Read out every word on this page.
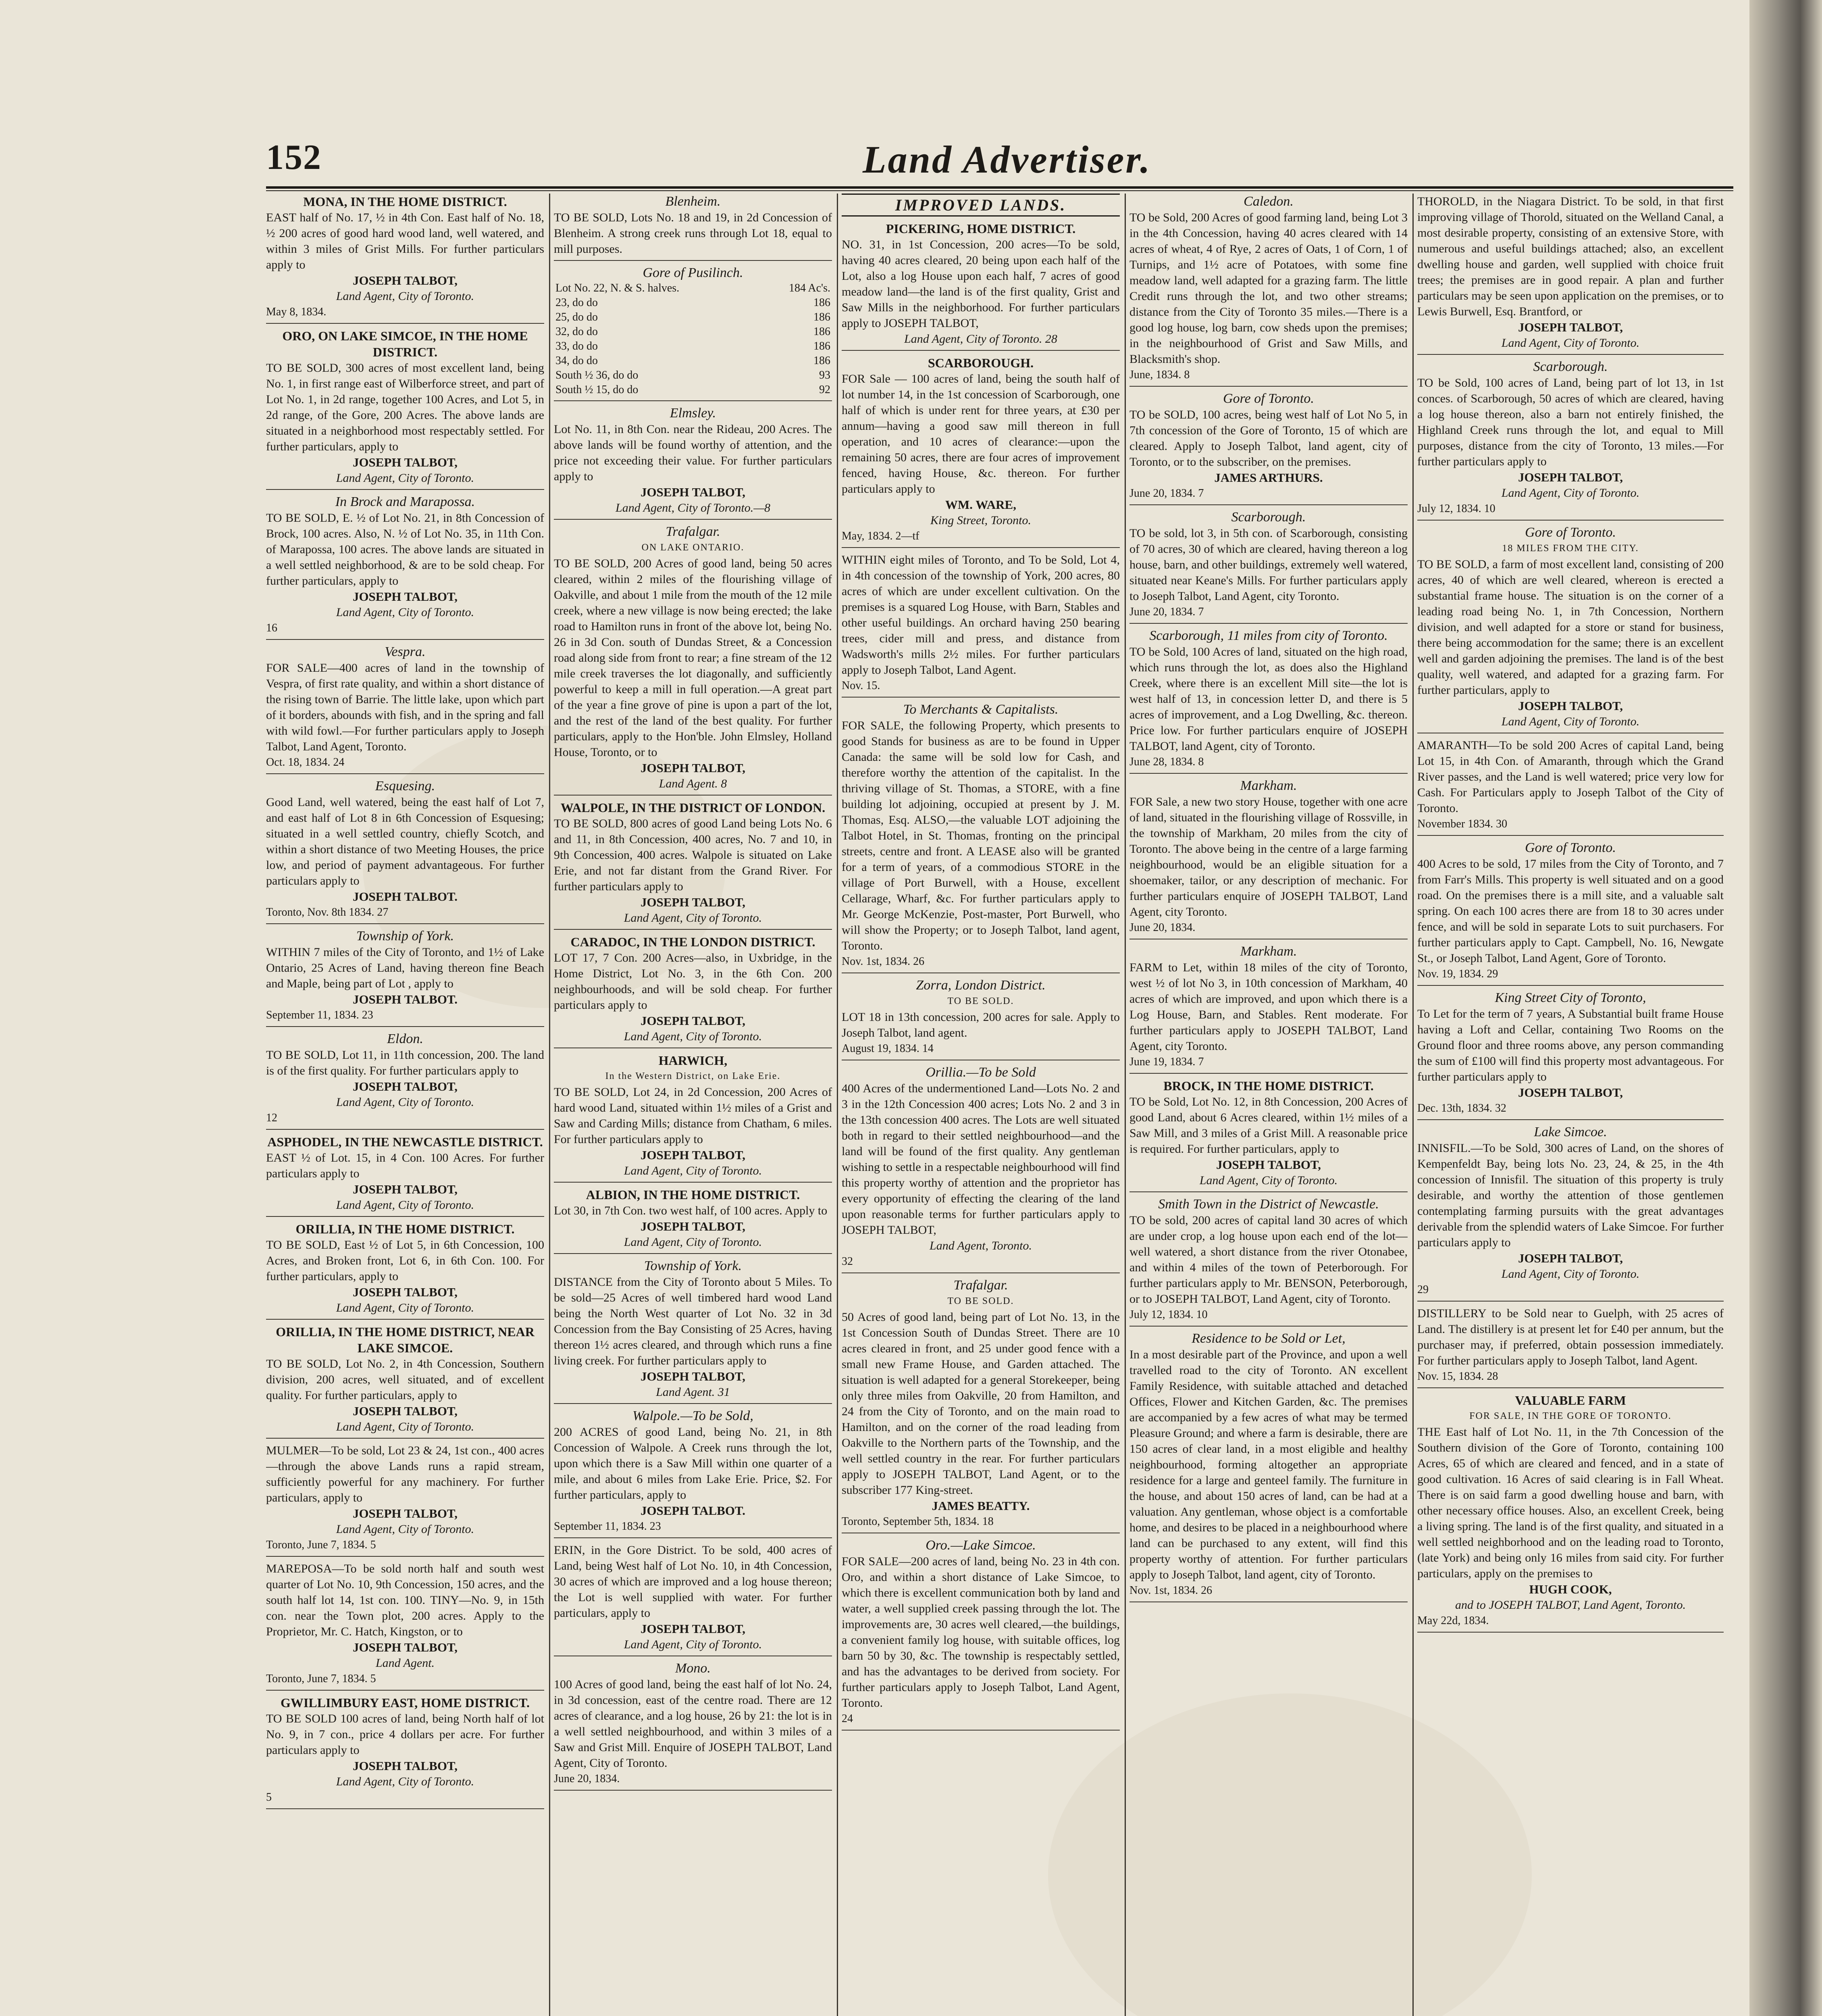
152	Land Advertiser.
MONA, IN THE HOME DISTRICT.
EAST half of No. 17, ½ in 4th Con. East half of No. 18, ½ 200 acres of good hard wood land, well watered, and within 3 miles of Grist Mills. For further particulars apply to
JOSEPH TALBOT,
Land Agent, City of Toronto.
May 8, 1834.
ORO, ON LAKE SIMCOE, IN THE HOME DISTRICT.
TO BE SOLD, 300 acres of most excellent land, being No. 1, in first range east of Wilberforce street, and part of Lot No. 1, in 2d range, together 100 Acres, and Lot 5, in 2d range, of the Gore, 200 Acres. The above lands are situated in a neighborhood most respectably settled. For further particulars, apply to
JOSEPH TALBOT,
Land Agent, City of Toronto.
In Brock and Marapossa.
TO BE SOLD, E. ½ of Lot No. 21, in 8th Concession of Brock, 100 acres. Also, N. ½ of Lot No. 35, in 11th Con. of Marapossa, 100 acres. The above lands are situated in a well settled neighborhood, & are to be sold cheap. For further particulars, apply to
JOSEPH TALBOT,
Land Agent, City of Toronto.
16
Vespra.
FOR SALE—400 acres of land in the township of Vespra, of first rate quality, and within a short distance of the rising town of Barrie. The little lake, upon which part of it borders, abounds with fish, and in the spring and fall with wild fowl.—For further particulars apply to Joseph Talbot, Land Agent, Toronto.
Oct. 18, 1834. 24
Esquesing.
Good Land, well watered, being the east half of Lot 7, and east half of Lot 8 in 6th Concession of Esquesing; situated in a well settled country, chiefly Scotch, and within a short distance of two Meeting Houses, the price low, and period of payment advantageous. For further particulars apply to
JOSEPH TALBOT.
Toronto, Nov. 8th 1834. 27
Township of York.
WITHIN 7 miles of the City of Toronto, and 1½ of Lake Ontario, 25 Acres of Land, having thereon fine Beach and Maple, being part of Lot , apply to
JOSEPH TALBOT.
September 11, 1834. 23
Eldon.
TO BE SOLD, Lot 11, in 11th concession, 200. The land is of the first quality. For further particulars apply to
JOSEPH TALBOT,
Land Agent, City of Toronto.
12
ASPHODEL, IN THE NEWCASTLE DISTRICT.
EAST ½ of Lot. 15, in 4 Con. 100 Acres. For further particulars apply to
JOSEPH TALBOT,
Land Agent, City of Toronto.
ORILLIA, IN THE HOME DISTRICT.
TO BE SOLD, East ½ of Lot 5, in 6th Concession, 100 Acres, and Broken front, Lot 6, in 6th Con. 100. For further particulars, apply to
JOSEPH TALBOT,
Land Agent, City of Toronto.
ORILLIA, IN THE HOME DISTRICT, NEAR LAKE SIMCOE.
TO BE SOLD, Lot No. 2, in 4th Concession, Southern division, 200 acres, well situated, and of excellent quality. For further particulars, apply to
JOSEPH TALBOT,
Land Agent, City of Toronto.
MULMER—To be sold, Lot 23 & 24, 1st con., 400 acres—through the above Lands runs a rapid stream, sufficiently powerful for any machinery. For further particulars, apply to
JOSEPH TALBOT,
Land Agent, City of Toronto.
Toronto, June 7, 1834. 5
MAREPOSA—To be sold north half and south west quarter of Lot No. 10, 9th Concession, 150 acres, and the south half lot 14, 1st con. 100. TINY—No. 9, in 15th con. near the Town plot, 200 acres. Apply to the Proprietor, Mr. C. Hatch, Kingston, or to
JOSEPH TALBOT,
Land Agent.
Toronto, June 7, 1834. 5
GWILLIMBURY EAST, HOME DISTRICT.
TO BE SOLD 100 acres of land, being North half of lot No. 9, in 7 con., price 4 dollars per acre. For further particulars apply to
JOSEPH TALBOT,
Land Agent, City of Toronto.
5
Blenheim.
TO BE SOLD, Lots No. 18 and 19, in 2d Concession of Blenheim. A strong creek runs through Lot 18, equal to mill purposes.
Gore of Pusilinch.
Lot No. 22, N. & S. halves.	184 Ac's.
23, do do	186
25, do do	186
32, do do	186
33, do do	186
34, do do	186
South ½ 36, do do	93
South ½ 15, do do	92
Elmsley.
Lot No. 11, in 8th Con. near the Rideau, 200 Acres. The above lands will be found worthy of attention, and the price not exceeding their value. For further particulars apply to
JOSEPH TALBOT,
Land Agent, City of Toronto.—8
Trafalgar.
ON LAKE ONTARIO.
TO BE SOLD, 200 Acres of good land, being 50 acres cleared, within 2 miles of the flourishing village of Oakville, and about 1 mile from the mouth of the 12 mile creek, where a new village is now being erected; the lake road to Hamilton runs in front of the above lot, being No. 26 in 3d Con. south of Dundas Street, & a Concession road along side from front to rear; a fine stream of the 12 mile creek traverses the lot diagonally, and sufficiently powerful to keep a mill in full operation.—A great part of the year a fine grove of pine is upon a part of the lot, and the rest of the land of the best quality. For further particulars, apply to the Hon'ble. John Elmsley, Holland House, Toronto, or to
JOSEPH TALBOT,
Land Agent. 8
WALPOLE, IN THE DISTRICT OF LONDON.
TO BE SOLD, 800 acres of good Land being Lots No. 6 and 11, in 8th Concession, 400 acres, No. 7 and 10, in 9th Concession, 400 acres. Walpole is situated on Lake Erie, and not far distant from the Grand River. For further particulars apply to
JOSEPH TALBOT,
Land Agent, City of Toronto.
CARADOC, IN THE LONDON DISTRICT.
LOT 17, 7 Con. 200 Acres—also, in Uxbridge, in the Home District, Lot No. 3, in the 6th Con. 200 neighbourhoods, and will be sold cheap. For further particulars apply to
JOSEPH TALBOT,
Land Agent, City of Toronto.
HARWICH,
In the Western District, on Lake Erie.
TO BE SOLD, Lot 24, in 2d Concession, 200 Acres of hard wood Land, situated within 1½ miles of a Grist and Saw and Carding Mills; distance from Chatham, 6 miles. For further particulars apply to
JOSEPH TALBOT,
Land Agent, City of Toronto.
ALBION, IN THE HOME DISTRICT.
Lot 30, in 7th Con. two west half, of 100 acres. Apply to
JOSEPH TALBOT,
Land Agent, City of Toronto.
Township of York.
DISTANCE from the City of Toronto about 5 Miles. To be sold—25 Acres of well timbered hard wood Land being the North West quarter of Lot No. 32 in 3d Concession from the Bay Consisting of 25 Acres, having thereon 1½ acres cleared, and through which runs a fine living creek. For further particulars apply to
JOSEPH TALBOT,
Land Agent. 31
Walpole.—To be Sold,
200 ACRES of good Land, being No. 21, in 8th Concession of Walpole. A Creek runs through the lot, upon which there is a Saw Mill within one quarter of a mile, and about 6 miles from Lake Erie. Price, $2. For further particulars, apply to
JOSEPH TALBOT.
September 11, 1834. 23
ERIN, in the Gore District. To be sold, 400 acres of Land, being West half of Lot No. 10, in 4th Concession, 30 acres of which are improved and a log house thereon; the Lot is well supplied with water. For further particulars, apply to
JOSEPH TALBOT,
Land Agent, City of Toronto.
Mono.
100 Acres of good land, being the east half of lot No. 24, in 3d concession, east of the centre road. There are 12 acres of clearance, and a log house, 26 by 21: the lot is in a well settled neighbourhood, and within 3 miles of a Saw and Grist Mill. Enquire of JOSEPH TALBOT, Land Agent, City of Toronto.
June 20, 1834.
IMPROVED LANDS.
PICKERING, HOME DISTRICT.
NO. 31, in 1st Concession, 200 acres—To be sold, having 40 acres cleared, 20 being upon each half of the Lot, also a log House upon each half, 7 acres of good meadow land—the land is of the first quality, Grist and Saw Mills in the neighborhood. For further particulars apply to JOSEPH TALBOT,
Land Agent, City of Toronto. 28
SCARBOROUGH.
FOR Sale — 100 acres of land, being the south half of lot number 14, in the 1st concession of Scarborough, one half of which is under rent for three years, at £30 per annum—having a good saw mill thereon in full operation, and 10 acres of clearance:—upon the remaining 50 acres, there are four acres of improvement fenced, having House, &c. thereon. For further particulars apply to
WM. WARE,
King Street, Toronto.
May, 1834. 2—tf
WITHIN eight miles of Toronto, and To be Sold, Lot 4, in 4th concession of the township of York, 200 acres, 80 acres of which are under excellent cultivation. On the premises is a squared Log House, with Barn, Stables and other useful buildings. An orchard having 250 bearing trees, cider mill and press, and distance from Wadsworth's mills 2½ miles. For further particulars apply to Joseph Talbot, Land Agent.
Nov. 15.
To Merchants & Capitalists.
FOR SALE, the following Property, which presents to good Stands for business as are to be found in Upper Canada: the same will be sold low for Cash, and therefore worthy the attention of the capitalist. In the thriving village of St. Thomas, a STORE, with a fine building lot adjoining, occupied at present by J. M. Thomas, Esq. ALSO,—the valuable LOT adjoining the Talbot Hotel, in St. Thomas, fronting on the principal streets, centre and front. A LEASE also will be granted for a term of years, of a commodious STORE in the village of Port Burwell, with a House, excellent Cellarage, Wharf, &c. For further particulars apply to Mr. George McKenzie, Post-master, Port Burwell, who will show the Property; or to Joseph Talbot, land agent, Toronto.
Nov. 1st, 1834. 26
Zorra, London District.
TO BE SOLD.
LOT 18 in 13th concession, 200 acres for sale. Apply to Joseph Talbot, land agent.
August 19, 1834. 14
Orillia.—To be Sold
400 Acres of the undermentioned Land—Lots No. 2 and 3 in the 12th Concession 400 acres; Lots No. 2 and 3 in the 13th concession 400 acres. The Lots are well situated both in regard to their settled neighbourhood—and the land will be found of the first quality. Any gentleman wishing to settle in a respectable neighbourhood will find this property worthy of attention and the proprietor has every opportunity of effecting the clearing of the land upon reasonable terms for further particulars apply to JOSEPH TALBOT,
Land Agent, Toronto.
32
Trafalgar.
TO BE SOLD.
50 Acres of good land, being part of Lot No. 13, in the 1st Concession South of Dundas Street. There are 10 acres cleared in front, and 25 under good fence with a small new Frame House, and Garden attached. The situation is well adapted for a general Storekeeper, being only three miles from Oakville, 20 from Hamilton, and 24 from the City of Toronto, and on the main road to Hamilton, and on the corner of the road leading from Oakville to the Northern parts of the Township, and the well settled country in the rear. For further particulars apply to JOSEPH TALBOT, Land Agent, or to the subscriber 177 King-street.
JAMES BEATTY.
Toronto, September 5th, 1834. 18
Oro.—Lake Simcoe.
FOR SALE—200 acres of land, being No. 23 in 4th con. Oro, and within a short distance of Lake Simcoe, to which there is excellent communication both by land and water, a well supplied creek passing through the lot. The improvements are, 30 acres well cleared,—the buildings, a convenient family log house, with suitable offices, log barn 50 by 30, &c. The township is respectably settled, and has the advantages to be derived from society. For further particulars apply to Joseph Talbot, Land Agent, Toronto.
24
Caledon.
TO be Sold, 200 Acres of good farming land, being Lot 3 in the 4th Concession, having 40 acres cleared with 14 acres of wheat, 4 of Rye, 2 acres of Oats, 1 of Corn, 1 of Turnips, and 1½ acre of Potatoes, with some fine meadow land, well adapted for a grazing farm. The little Credit runs through the lot, and two other streams; distance from the City of Toronto 35 miles.—There is a good log house, log barn, cow sheds upon the premises; in the neighbourhood of Grist and Saw Mills, and Blacksmith's shop.
June, 1834. 8
Gore of Toronto.
TO be SOLD, 100 acres, being west half of Lot No 5, in 7th concession of the Gore of Toronto, 15 of which are cleared. Apply to Joseph Talbot, land agent, city of Toronto, or to the subscriber, on the premises.
JAMES ARTHURS.
June 20, 1834. 7
Scarborough.
TO be sold, lot 3, in 5th con. of Scarborough, consisting of 70 acres, 30 of which are cleared, having thereon a log house, barn, and other buildings, extremely well watered, situated near Keane's Mills. For further particulars apply to Joseph Talbot, Land Agent, city Toronto.
June 20, 1834. 7
Scarborough, 11 miles from city of Toronto.
TO be Sold, 100 Acres of land, situated on the high road, which runs through the lot, as does also the Highland Creek, where there is an excellent Mill site—the lot is west half of 13, in concession letter D, and there is 5 acres of improvement, and a Log Dwelling, &c. thereon. Price low. For further particulars enquire of JOSEPH TALBOT, land Agent, city of Toronto.
June 28, 1834. 8
Markham.
FOR Sale, a new two story House, together with one acre of land, situated in the flourishing village of Rossville, in the township of Markham, 20 miles from the city of Toronto. The above being in the centre of a large farming neighbourhood, would be an eligible situation for a shoemaker, tailor, or any description of mechanic. For further particulars enquire of JOSEPH TALBOT, Land Agent, city Toronto.
June 20, 1834.
Markham.
FARM to Let, within 18 miles of the city of Toronto, west ½ of lot No 3, in 10th concession of Markham, 40 acres of which are improved, and upon which there is a Log House, Barn, and Stables. Rent moderate. For further particulars apply to JOSEPH TALBOT, Land Agent, city Toronto.
June 19, 1834. 7
BROCK, IN THE HOME DISTRICT.
TO be Sold, Lot No. 12, in 8th Concession, 200 Acres of good Land, about 6 Acres cleared, within 1½ miles of a Saw Mill, and 3 miles of a Grist Mill. A reasonable price is required. For further particulars, apply to
JOSEPH TALBOT,
Land Agent, City of Toronto.
Smith Town in the District of Newcastle.
TO be sold, 200 acres of capital land 30 acres of which are under crop, a log house upon each end of the lot—well watered, a short distance from the river Otonabee, and within 4 miles of the town of Peterborough. For further particulars apply to Mr. BENSON, Peterborough, or to JOSEPH TALBOT, Land Agent, city of Toronto.
July 12, 1834. 10
Residence to be Sold or Let,
In a most desirable part of the Province, and upon a well travelled road to the city of Toronto. AN excellent Family Residence, with suitable attached and detached Offices, Flower and Kitchen Garden, &c. The premises are accompanied by a few acres of what may be termed Pleasure Ground; and where a farm is desirable, there are 150 acres of clear land, in a most eligible and healthy neighbourhood, forming altogether an appropriate residence for a large and genteel family. The furniture in the house, and about 150 acres of land, can be had at a valuation. Any gentleman, whose object is a comfortable home, and desires to be placed in a neighbourhood where land can be purchased to any extent, will find this property worthy of attention. For further particulars apply to Joseph Talbot, land agent, city of Toronto.
Nov. 1st, 1834. 26
THOROLD, in the Niagara District. To be sold, in that first improving village of Thorold, situated on the Welland Canal, a most desirable property, consisting of an extensive Store, with numerous and useful buildings attached; also, an excellent dwelling house and garden, well supplied with choice fruit trees; the premises are in good repair. A plan and further particulars may be seen upon application on the premises, or to Lewis Burwell, Esq. Brantford, or
JOSEPH TALBOT,
Land Agent, City of Toronto.
Scarborough.
TO be Sold, 100 acres of Land, being part of lot 13, in 1st conces. of Scarborough, 50 acres of which are cleared, having a log house thereon, also a barn not entirely finished, the Highland Creek runs through the lot, and equal to Mill purposes, distance from the city of Toronto, 13 miles.—For further particulars apply to
JOSEPH TALBOT,
Land Agent, City of Toronto.
July 12, 1834. 10
Gore of Toronto.
18 MILES FROM THE CITY.
TO BE SOLD, a farm of most excellent land, consisting of 200 acres, 40 of which are well cleared, whereon is erected a substantial frame house. The situation is on the corner of a leading road being No. 1, in 7th Concession, Northern division, and well adapted for a store or stand for business, there being accommodation for the same; there is an excellent well and garden adjoining the premises. The land is of the best quality, well watered, and adapted for a grazing farm. For further particulars, apply to
JOSEPH TALBOT,
Land Agent, City of Toronto.
AMARANTH—To be sold 200 Acres of capital Land, being Lot 15, in 4th Con. of Amaranth, through which the Grand River passes, and the Land is well watered; price very low for Cash. For Particulars apply to Joseph Talbot of the City of Toronto.
November 1834. 30
Gore of Toronto.
400 Acres to be sold, 17 miles from the City of Toronto, and 7 from Farr's Mills. This property is well situated and on a good road. On the premises there is a mill site, and a valuable salt spring. On each 100 acres there are from 18 to 30 acres under fence, and will be sold in separate Lots to suit purchasers. For further particulars apply to Capt. Campbell, No. 16, Newgate St., or Joseph Talbot, Land Agent, Gore of Toronto.
Nov. 19, 1834. 29
King Street City of Toronto,
To Let for the term of 7 years, A Substantial built frame House having a Loft and Cellar, containing Two Rooms on the Ground floor and three rooms above, any person commanding the sum of £100 will find this property most advantageous. For further particulars apply to
JOSEPH TALBOT,
Dec. 13th, 1834. 32
Lake Simcoe.
INNISFIL.—To be Sold, 300 acres of Land, on the shores of Kempenfeldt Bay, being lots No. 23, 24, & 25, in the 4th concession of Innisfil. The situation of this property is truly desirable, and worthy the attention of those gentlemen contemplating farming pursuits with the great advantages derivable from the splendid waters of Lake Simcoe. For further particulars apply to
JOSEPH TALBOT,
Land Agent, City of Toronto.
29
DISTILLERY to be Sold near to Guelph, with 25 acres of Land. The distillery is at present let for £40 per annum, but the purchaser may, if preferred, obtain possession immediately. For further particulars apply to Joseph Talbot, land Agent.
Nov. 15, 1834. 28
VALUABLE FARM
FOR SALE, IN THE GORE OF TORONTO.
THE East half of Lot No. 11, in the 7th Concession of the Southern division of the Gore of Toronto, containing 100 Acres, 65 of which are cleared and fenced, and in a state of good cultivation. 16 Acres of said clearing is in Fall Wheat. There is on said farm a good dwelling house and barn, with other necessary office houses. Also, an excellent Creek, being a living spring. The land is of the first quality, and situated in a well settled neighborhood and on the leading road to Toronto, (late York) and being only 16 miles from said city. For further particulars, apply on the premises to
HUGH COOK,
and to JOSEPH TALBOT, Land Agent, Toronto.
May 22d, 1834.
